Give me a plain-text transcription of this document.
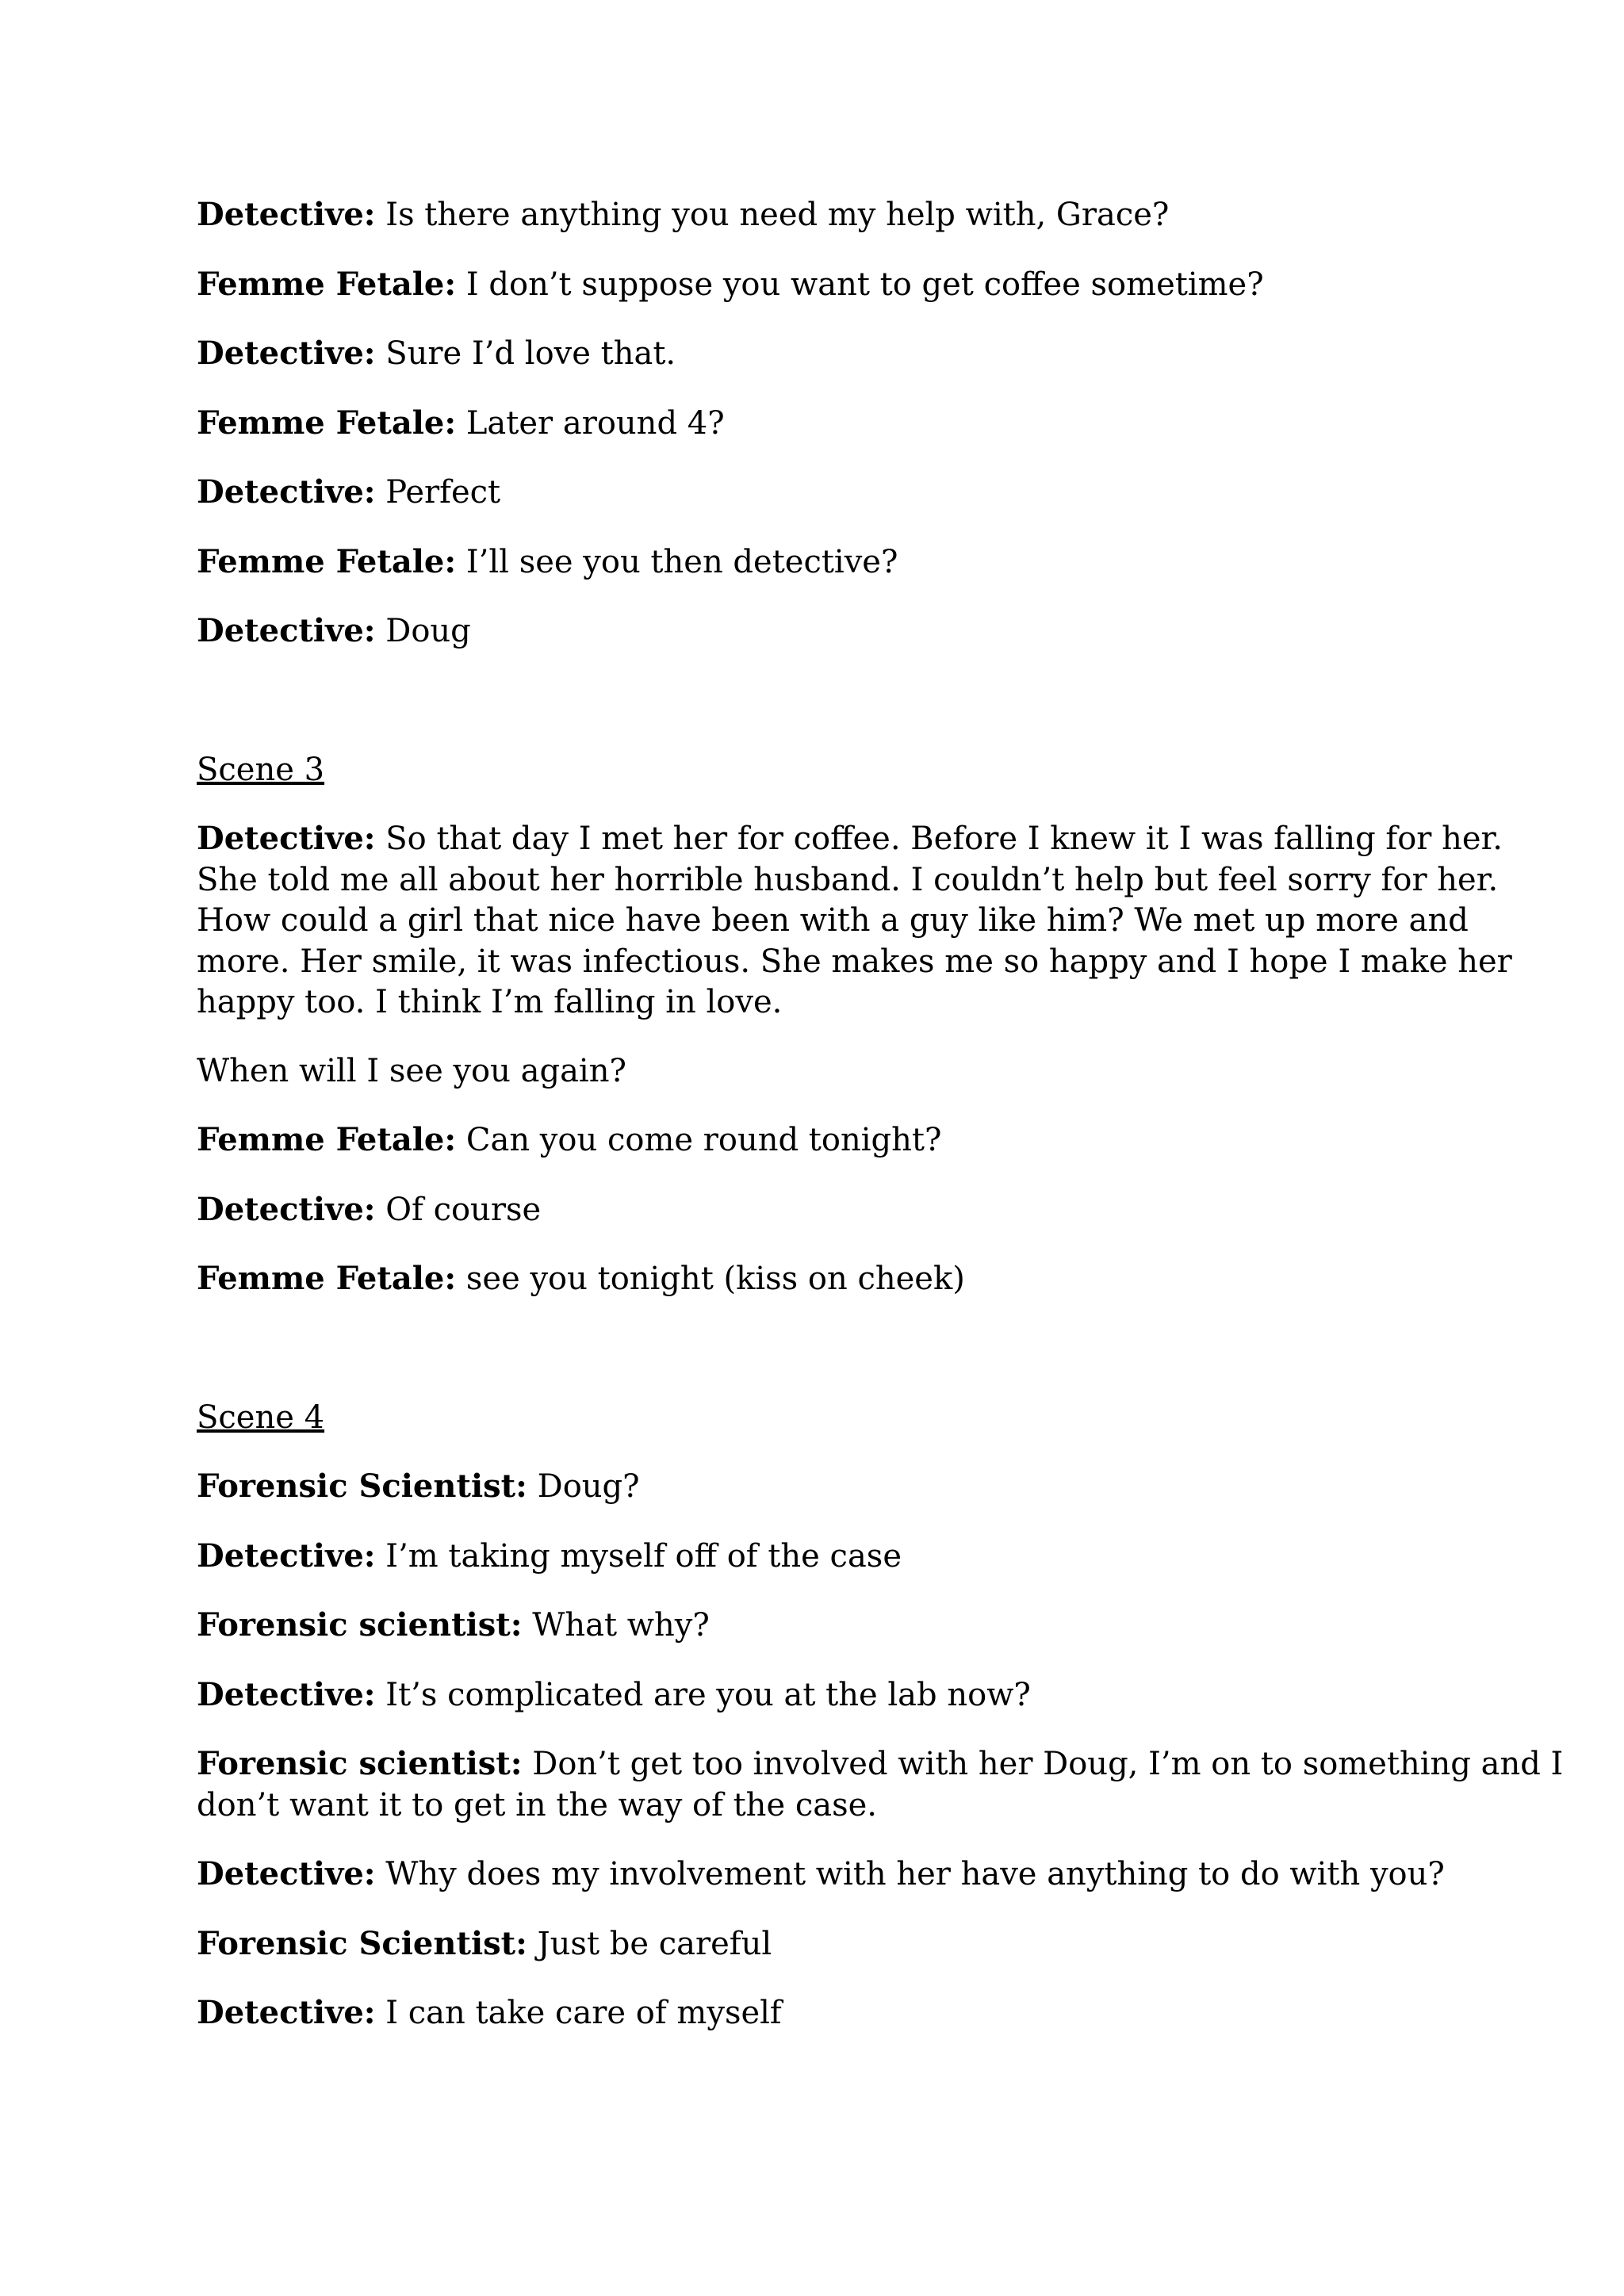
Detective: Is there anything you need my help with, Grace?

Femme Fetale: I don’t suppose you want to get coffee sometime?

Detective: Sure I’d love that.

Femme Fetale: Later around 4?

Detective: Perfect

Femme Fetale: I’ll see you then detective?

Detective: Doug

Scene 3

Detective: So that day I met her for coffee. Before I knew it I was falling for her.
She told me all about her horrible husband. I couldn’t help but feel sorry for her.
How could a girl that nice have been with a guy like him? We met up more and
more. Her smile, it was infectious. She makes me so happy and I hope I make her
happy too. I think I’m falling in love.

When will I see you again?

Femme Fetale: Can you come round tonight?

Detective: Of course

Femme Fetale: see you tonight (kiss on cheek)

Scene 4

Forensic Scientist: Doug?

Detective: I’m taking myself off of the case

Forensic scientist: What why?

Detective: It’s complicated are you at the lab now?

Forensic scientist: Don’t get too involved with her Doug, I’m on to something and I
don’t want it to get in the way of the case.

Detective: Why does my involvement with her have anything to do with you?

Forensic Scientist: Just be careful

Detective: I can take care of myself
